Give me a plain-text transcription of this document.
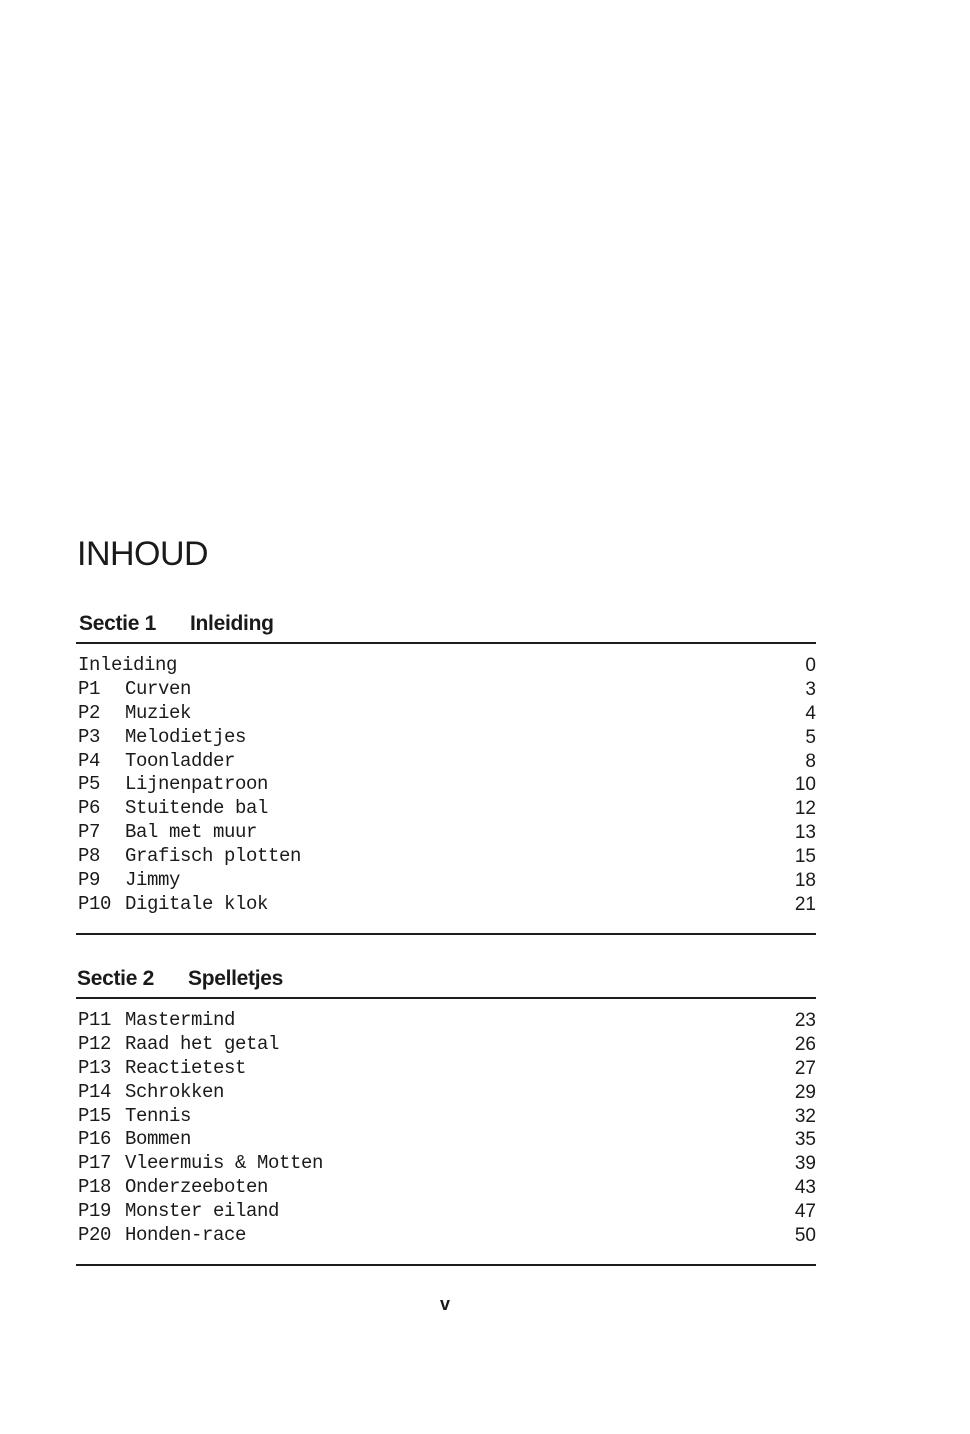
INHOUD
Sectie 1 Inleiding
Inleiding	0
P1 Curven	3
P2 Muziek	4
P3 Melodietjes	5
P4 Toonladder	8
P5 Lijnenpatroon	10
P6 Stuitende bal	12
P7 Bal met muur	13
P8 Grafisch plotten	15
P9 Jimmy	18
P10 Digitale klok	21
Sectie 2 Spelletjes
P11 Mastermind	23
P12 Raad het getal	26
P13 Reactietest	27
P14 Schrokken	29
P15 Tennis	32
P16 Bommen	35
P17 Vleermuis & Motten	39
P18 Onderzeeboten	43
P19 Monster eiland	47
P20 Honden-race	50
v
